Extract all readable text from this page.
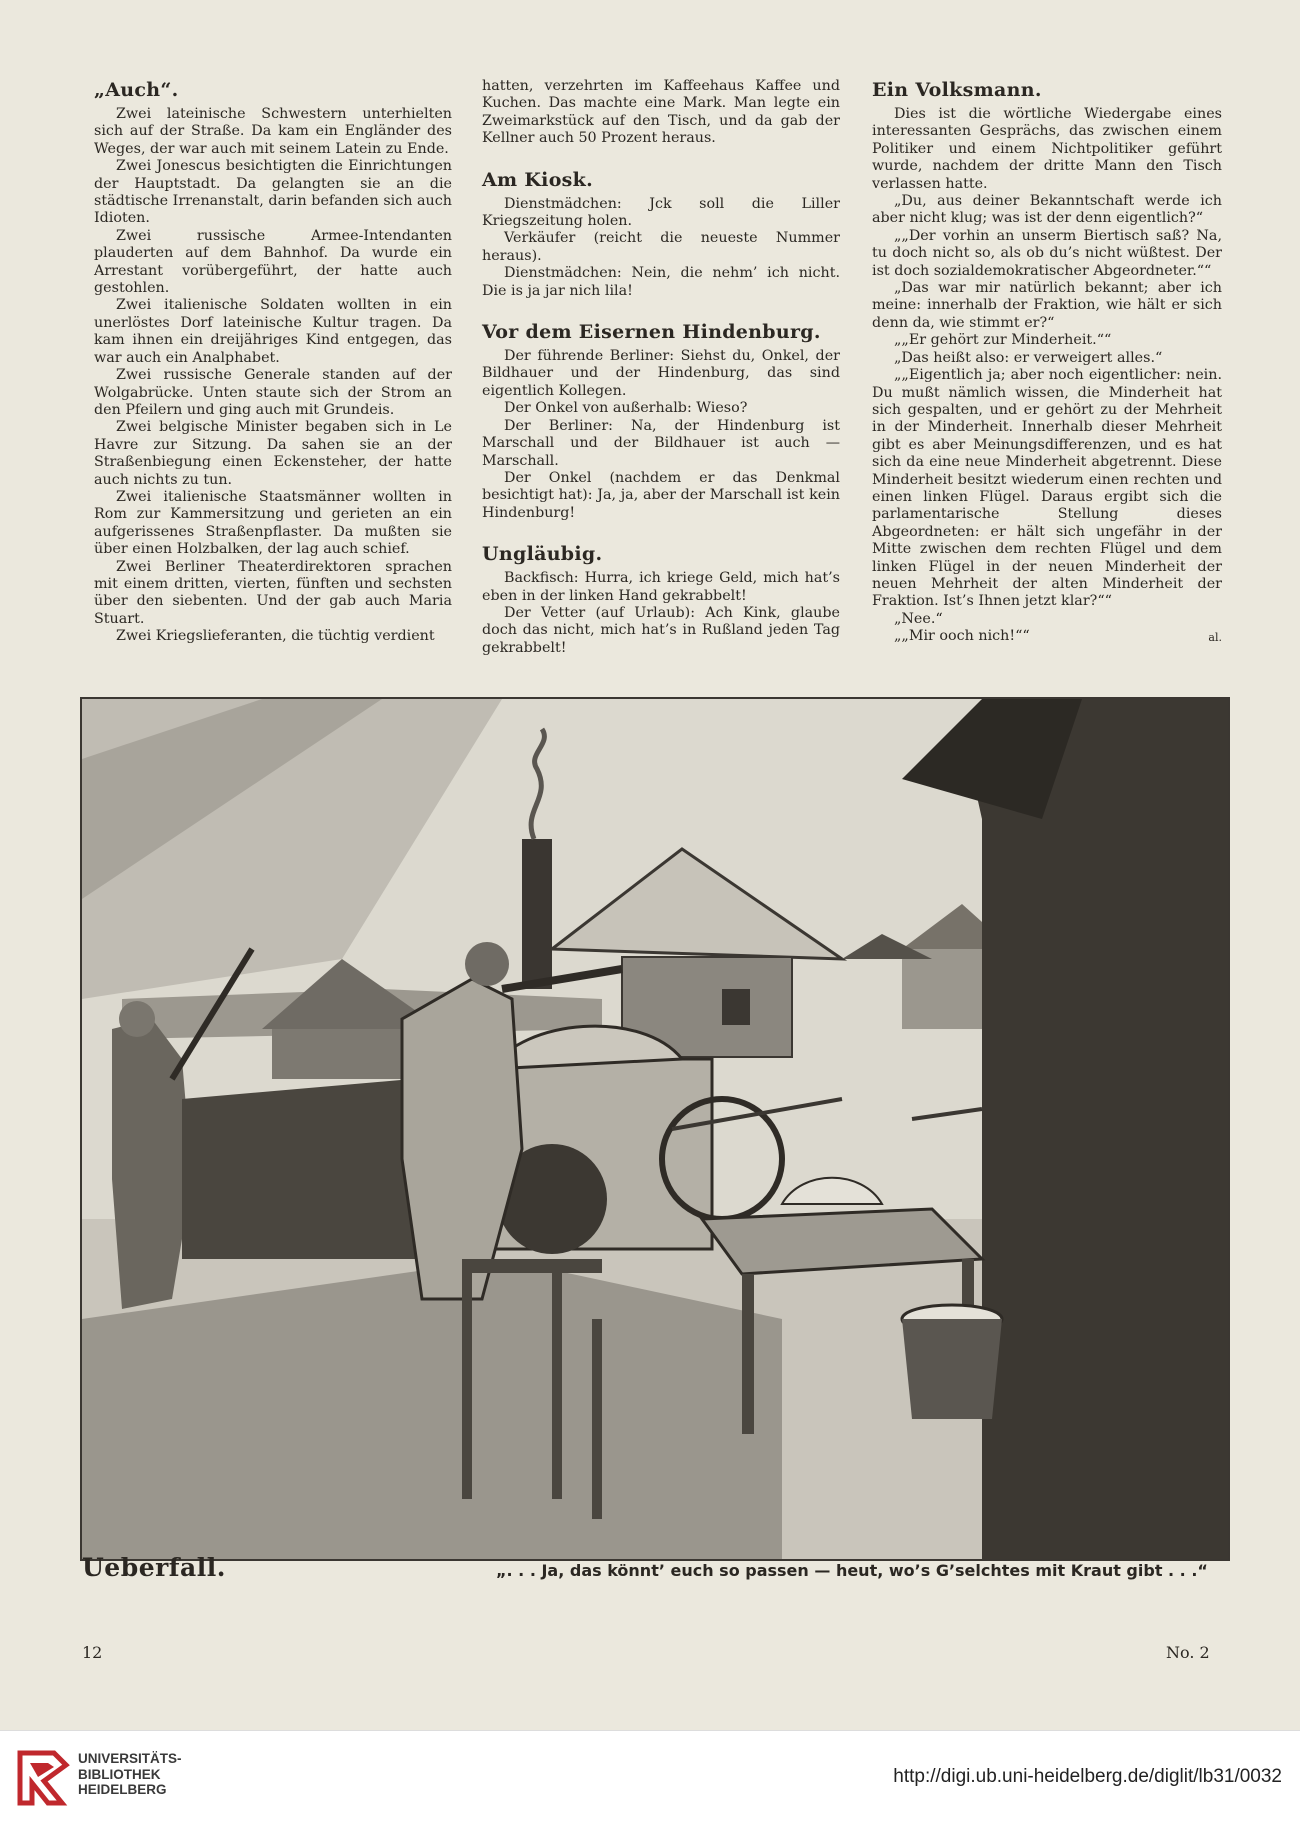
„Auch“.

Zwei lateinische Schwestern unterhielten sich auf der Straße. Da kam ein Engländer des Weges, der war auch mit seinem Latein zu Ende.

Zwei Jonescus besichtigten die Einrichtungen der Hauptstadt. Da gelangten sie an die städtische Irrenanstalt, darin befanden sich auch Idioten.

Zwei russische Armee-Intendanten plauderten auf dem Bahnhof. Da wurde ein Arrestant vorübergeführt, der hatte auch gestohlen.

Zwei italienische Soldaten wollten in ein unerlöstes Dorf lateinische Kultur tragen. Da kam ihnen ein dreijähriges Kind entgegen, das war auch ein Analphabet.

Zwei russische Generale standen auf der Wolgabrücke. Unten staute sich der Strom an den Pfeilern und ging auch mit Grundeis.

Zwei belgische Minister begaben sich in Le Havre zur Sitzung. Da sahen sie an der Straßenbiegung einen Eckensteher, der hatte auch nichts zu tun.

Zwei italienische Staatsmänner wollten in Rom zur Kammersitzung und gerieten an ein aufgerissenes Straßenpflaster. Da mußten sie über einen Holzbalken, der lag auch schief.

Zwei Berliner Theaterdirektoren sprachen mit einem dritten, vierten, fünften und sechsten über den siebenten. Und der gab auch Maria Stuart.

Zwei Kriegslieferanten, die tüchtig verdient

hatten, verzehrten im Kaffeehaus Kaffee und Kuchen. Das machte eine Mark. Man legte ein Zweimarkstück auf den Tisch, und da gab der Kellner auch 50 Prozent heraus.

Am Kiosk.

Dienstmädchen: Jck soll die Liller Kriegszeitung holen.

Verkäufer (reicht die neueste Nummer heraus).

Dienstmädchen: Nein, die nehm’ ich nicht. Die is ja jar nich lila!

Vor dem Eisernen Hindenburg.

Der führende Berliner: Siehst du, Onkel, der Bildhauer und der Hindenburg, das sind eigentlich Kollegen.

Der Onkel von außerhalb: Wieso?

Der Berliner: Na, der Hindenburg ist Marschall und der Bildhauer ist auch — Marschall.

Der Onkel (nachdem er das Denkmal besichtigt hat): Ja, ja, aber der Marschall ist kein Hindenburg!

Ungläubig.

Backfisch: Hurra, ich kriege Geld, mich hat’s eben in der linken Hand gekrabbelt!

Der Vetter (auf Urlaub): Ach Kink, glaube doch das nicht, mich hat’s in Rußland jeden Tag gekrabbelt!

Ein Volksmann.

Dies ist die wörtliche Wiedergabe eines interessanten Gesprächs, das zwischen einem Politiker und einem Nichtpolitiker geführt wurde, nachdem der dritte Mann den Tisch verlassen hatte.

„Du, aus deiner Bekanntschaft werde ich aber nicht klug; was ist der denn eigentlich?“

„„Der vorhin an unserm Biertisch saß? Na, tu doch nicht so, als ob du’s nicht wüßtest. Der ist doch sozialdemokratischer Abgeordneter.““

„Das war mir natürlich bekannt; aber ich meine: innerhalb der Fraktion, wie hält er sich denn da, wie stimmt er?“

„„Er gehört zur Minderheit.““

„Das heißt also: er verweigert alles.“

„„Eigentlich ja; aber noch eigentlicher: nein. Du mußt nämlich wissen, die Minderheit hat sich gespalten, und er gehört zu der Mehrheit in der Minderheit. Innerhalb dieser Mehrheit gibt es aber Meinungsdifferenzen, und es hat sich da eine neue Minderheit abgetrennt. Diese Minderheit besitzt wiederum einen rechten und einen linken Flügel. Daraus ergibt sich die parlamentarische Stellung dieses Abgeordneten: er hält sich ungefähr in der Mitte zwischen dem rechten Flügel und dem linken Flügel in der neuen Minderheit der neuen Mehrheit der alten Minderheit der Fraktion. Ist’s Ihnen jetzt klar?““

„Nee.“

„„Mir ooch nich!““	al.
Ueberfall.	„. . . Ja, das könnt’ euch so passen — heut, wo’s G’selchtes mit Kraut gibt . . .“
12	No. 2
UNIVERSITÄTS-
BIBLIOTHEK
HEIDELBERG
http://digi.ub.uni-heidelberg.de/diglit/lb31/0032
